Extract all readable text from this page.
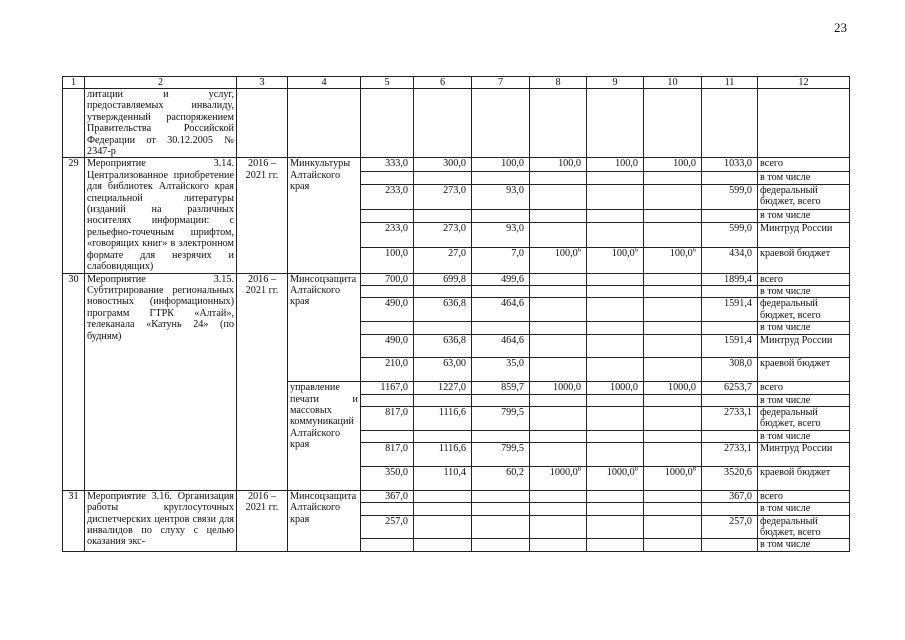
23
1	2	3	4	5	6	7	8	9	10	11	12
	литации и услуг, предоставляемых инвалиду, утвержденный распоряжением Правительства Российской Федерации от 30.12.2005 № 2347-р										
29	Мероприятие 3.14. Централизованное приобретение для библиотек Алтайского края специальной литературы (изданий на различных носителях информации: с рельефно-точечным шрифтом, «говорящих книг» в электронном формате для незрячих и слабовидящих)	2016 – 2021 гг.	Минкультуры Алтайского края	333,0	300,0	100,0	100,0	100,0	100,0	1033,0	всего
											в том числе
				233,0	273,0	93,0				599,0	федеральный бюджет, всего
											в том числе
				233,0	273,0	93,0				599,0	Минтруд России
				100,0	27,0	7,0	100,0$^6$	100,0$^6$	100,0$^6$	434,0	краевой бюджет
30	Мероприятие 3.15. Субтитрирование региональных новостных (информационных) программ ГТРК «Алтай», телеканала «Катунь 24» (по будням)	2016 – 2021 гг.	Минсоцзащита Алтайского края	700,0	699,8	499,6				1899,4	всего
											в том числе
				490,0	636,8	464,6				1591,4	федеральный бюджет, всего
											в том числе
				490,0	636,8	464,6				1591,4	Минтруд России
				210,0	63,00	35,0				308,0	краевой бюджет
			управление печати и массовых коммуникаций Алтайского края	1167,0	1227,0	859,7	1000,0	1000,0	1000,0	6253,7	всего
											в том числе
				817,0	1116,6	799,5				2733,1	федеральный бюджет, всего
											в том числе
				817,0	1116,6	799,5				2733,1	Минтруд России
				350,0	110,4	60,2	1000,0$^8$	1000,0$^8$	1000,0$^8$	3520,6	краевой бюджет
31	Мероприятие 3.16. Организация работы круглосуточных диспетчерских центров связи для инвалидов по слуху с целью оказания экс-	2016 – 2021 гг.	Минсоцзащита Алтайского края	367,0						367,0	всего
											в том числе
				257,0						257,0	федеральный бюджет, всего
											в том числе
